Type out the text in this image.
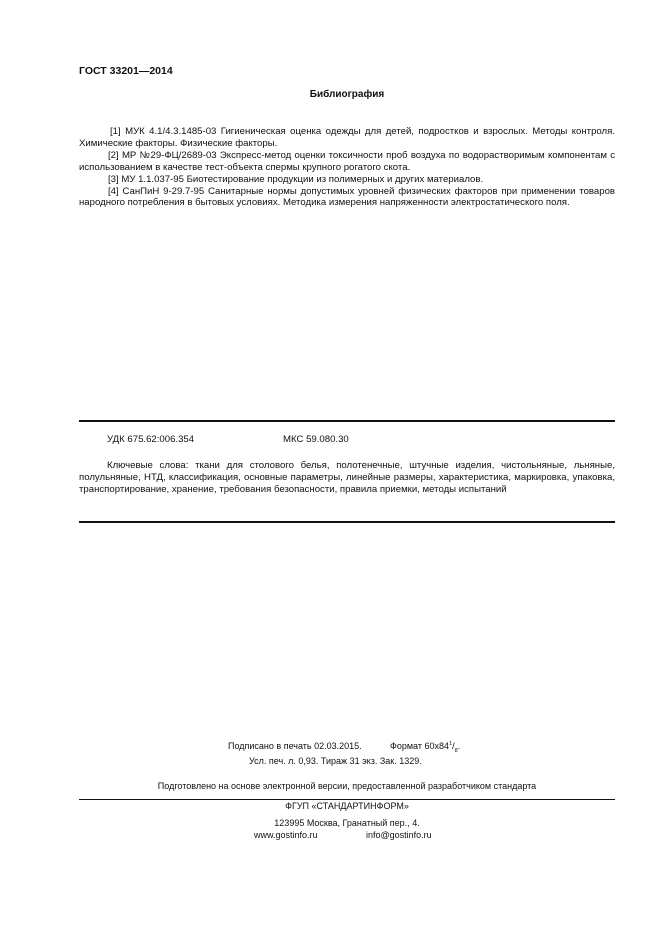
ГОСТ 33201—2014
Библиография

[1] МУК 4.1/4.3.1485-03 Гигиеническая оценка одежды для детей, подростков и взрослых. Методы контроля. Химические факторы. Физические факторы.

[2] МР №29-ФЦ/2689-03 Экспресс-метод оценки токсичности проб воздуха по водорастворимым компонентам с использованием в качестве тест-объекта спермы крупного рогатого скота.

[3] МУ 1.1.037-95 Биотестирование продукции из полимерных и других материалов.

[4] СанПиН 9-29.7-95 Санитарные нормы допустимых уровней физических факторов при применении товаров народного потребления в бытовых условиях. Методика измерения напряженности электростатического поля.

УДК 675.62:006.354	МКС 59.080.30

Ключевые слова: ткани для столового белья, полотенечные, штучные изделия, чистольняные, льняные, полульняные, НТД, классификация, основные параметры, линейные размеры, характеристика, маркировка, упаковка, транспортирование, хранение, требования безопасности, правила приемки, методы испытаний

Подписано в печать 02.03.2015.	Формат $60х84^1/_8$.
Усл. печ. л. 0,93. Тираж 31 экз. Зак. 1329.
Подготовлено на основе электронной версии, предоставленной разработчиком стандарта
ФГУП «СТАНДАРТИНФОРМ»
123995 Москва, Гранатный пер., 4.
www.gostinfo.ru	info@gostinfo.ru
